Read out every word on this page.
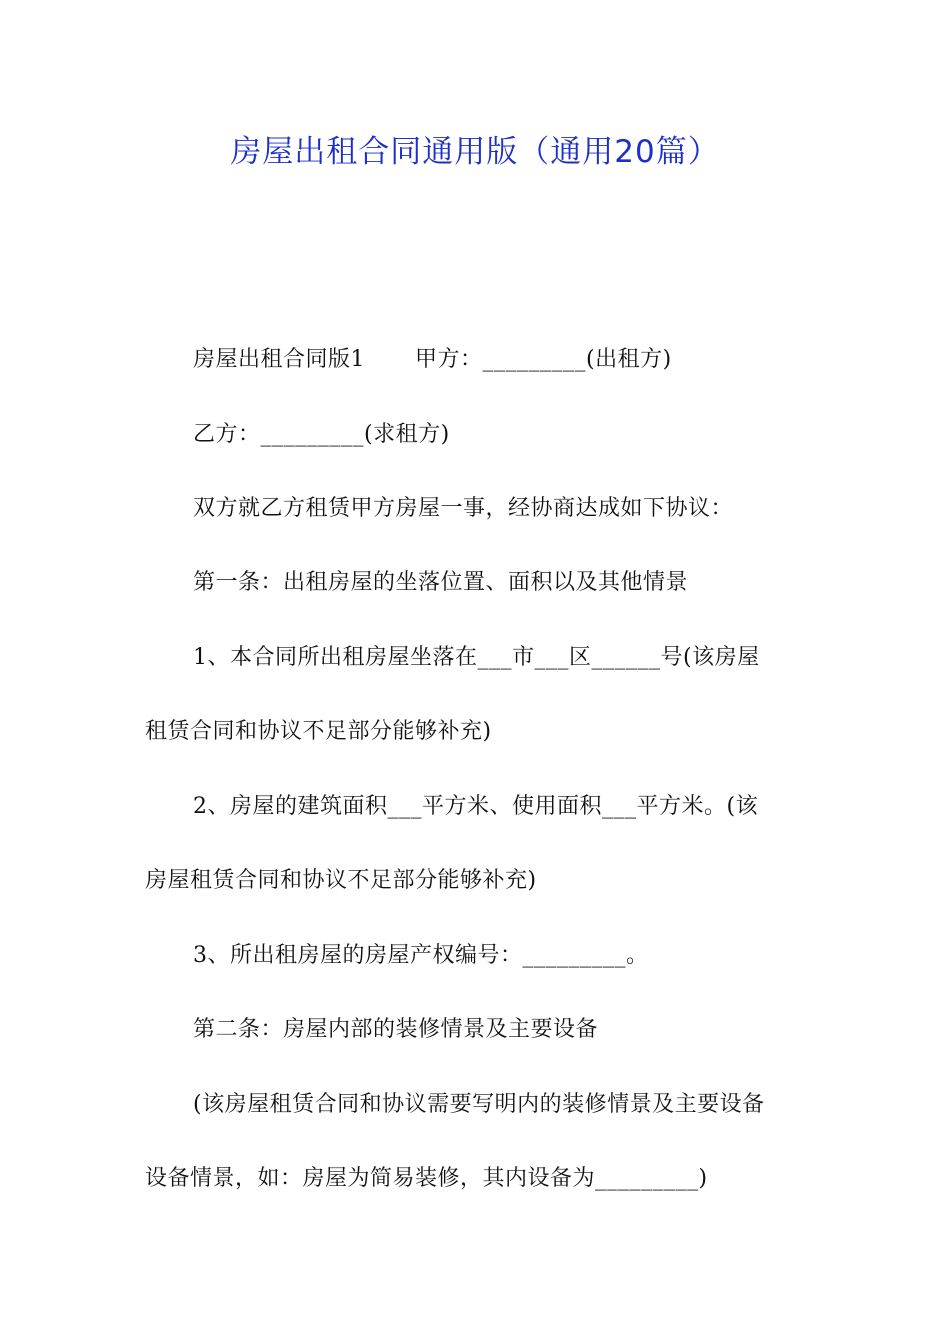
房屋出租合同通用版（通用20篇）
房屋出租合同版1 甲方：_________(出租方)
乙方：_________(求租方)
双方就乙方租赁甲方房屋一事，经协商达成如下协议：
第一条：出租房屋的坐落位置、面积以及其他情景
1、本合同所出租房屋坐落在___市___区______号(该房屋
租赁合同和协议不足部分能够补充)
2、房屋的建筑面积___平方米、使用面积___平方米。(该
房屋租赁合同和协议不足部分能够补充)
3、所出租房屋的房屋产权编号：_________。
第二条：房屋内部的装修情景及主要设备
(该房屋租赁合同和协议需要写明内的装修情景及主要设备
设备情景，如：房屋为简易装修，其内设备为_________)
